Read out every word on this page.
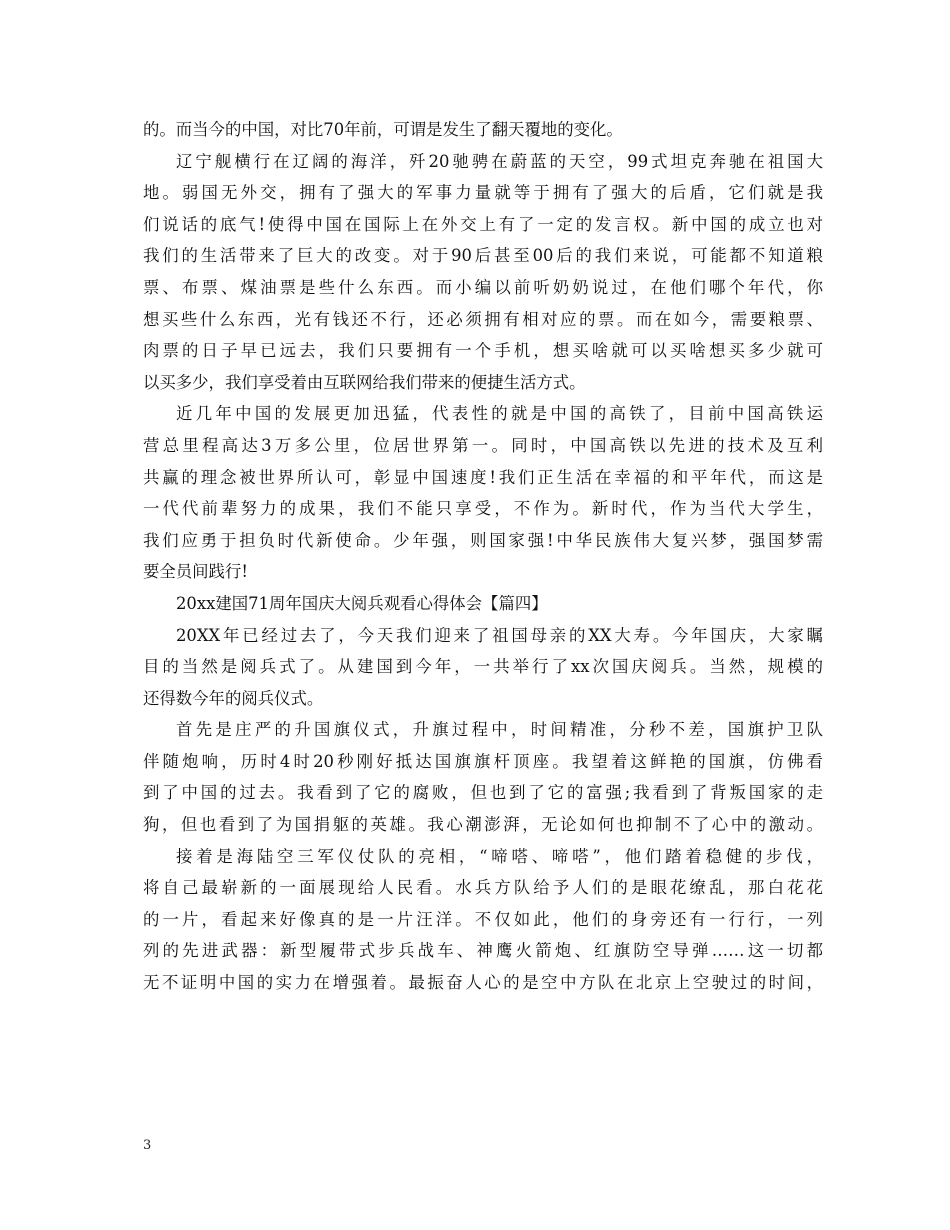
的。而当今的中国，对比70年前，可谓是发生了翻天覆地的变化。
辽宁舰横行在辽阔的海洋，歼20驰骋在蔚蓝的天空，99式坦克奔驰在祖国大
地。弱国无外交，拥有了强大的军事力量就等于拥有了强大的后盾，它们就是我
们说话的底气!使得中国在国际上在外交上有了一定的发言权。新中国的成立也对
我们的生活带来了巨大的改变。对于90后甚至00后的我们来说，可能都不知道粮
票、布票、煤油票是些什么东西。而小编以前听奶奶说过，在他们哪个年代，你
想买些什么东西，光有钱还不行，还必须拥有相对应的票。而在如今，需要粮票、
肉票的日子早已远去，我们只要拥有一个手机，想买啥就可以买啥想买多少就可
以买多少，我们享受着由互联网给我们带来的便捷生活方式。
近几年中国的发展更加迅猛，代表性的就是中国的高铁了，目前中国高铁运
营总里程高达3万多公里，位居世界第一。同时，中国高铁以先进的技术及互利
共赢的理念被世界所认可，彰显中国速度!我们正生活在幸福的和平年代，而这是
一代代前辈努力的成果，我们不能只享受，不作为。新时代，作为当代大学生，
我们应勇于担负时代新使命。少年强，则国家强!中华民族伟大复兴梦，强国梦需
要全员间践行!
20xx建国71周年国庆大阅兵观看心得体会【篇四】
20XX年已经过去了，今天我们迎来了祖国母亲的XX大寿。今年国庆，大家瞩
目的当然是阅兵式了。从建国到今年，一共举行了xx次国庆阅兵。当然，规模的
还得数今年的阅兵仪式。
首先是庄严的升国旗仪式，升旗过程中，时间精准，分秒不差，国旗护卫队
伴随炮响，历时4时20秒刚好抵达国旗旗杆顶座。我望着这鲜艳的国旗，仿佛看
到了中国的过去。我看到了它的腐败，但也到了它的富强;我看到了背叛国家的走
狗，但也看到了为国捐躯的英雄。我心潮澎湃，无论如何也抑制不了心中的激动。
接着是海陆空三军仪仗队的亮相，“啼嗒、啼嗒”，他们踏着稳健的步伐，
将自己最崭新的一面展现给人民看。水兵方队给予人们的是眼花缭乱，那白花花
的一片，看起来好像真的是一片汪洋。不仅如此，他们的身旁还有一行行，一列
列的先进武器：新型履带式步兵战车、神鹰火箭炮、红旗防空导弹……这一切都
无不证明中国的实力在增强着。最振奋人心的是空中方队在北京上空驶过的时间，
3
